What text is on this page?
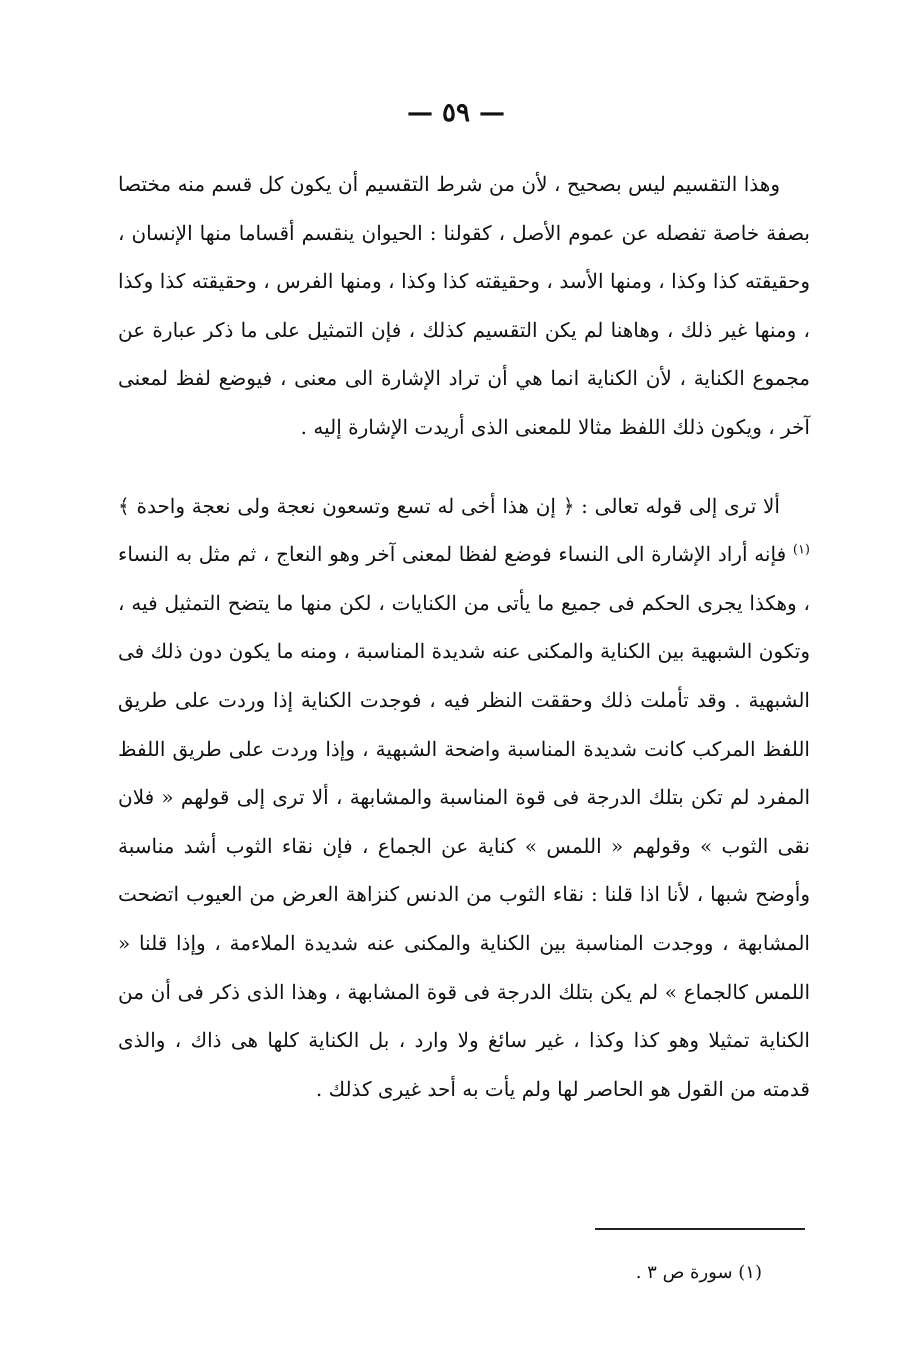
— ٥٩ —

وهذا التقسيم ليس بصحيح ، لأن من شرط التقسيم أن يكون كل قسم منه مختصا بصفة خاصة تفصله عن عموم الأصل ، كقولنا : الحيوان ينقسم أقساما منها الإنسان ، وحقيقته كذا وكذا ، ومنها الأسد ، وحقيقته كذا وكذا ، ومنها الفرس ، وحقيقته كذا وكذا ، ومنها غير ذلك ، وهاهنا لم يكن التقسيم كذلك ، فإن التمثيل على ما ذكر عبارة عن مجموع الكناية ، لأن الكناية انما هي أن تراد الإشارة الى معنى ، فيوضع لفظ لمعنى آخر ، ويكون ذلك اللفظ مثالا للمعنى الذى أريدت الإشارة إليه .

ألا ترى إلى قوله تعالى : ﴿ إن هذا أخى له تسع وتسعون نعجة ولى نعجة واحدة ﴾$^{(١)}$ فإنه أراد الإشارة الى النساء فوضع لفظا لمعنى آخر وهو النعاج ، ثم مثل به النساء ، وهكذا يجرى الحكم فى جميع ما يأتى من الكنايات ، لكن منها ما يتضح التمثيل فيه ، وتكون الشبهية بين الكناية والمكنى عنه شديدة المناسبة ، ومنه ما يكون دون ذلك فى الشبهية . وقد تأملت ذلك وحققت النظر فيه ، فوجدت الكناية إذا وردت على طريق اللفظ المركب كانت شديدة المناسبة واضحة الشبهية ، وإذا وردت على طريق اللفظ المفرد لم تكن بتلك الدرجة فى قوة المناسبة والمشابهة ، ألا ترى إلى قولهم « فلان نقى الثوب » وقولهم « اللمس » كناية عن الجماع ، فإن نقاء الثوب أشد مناسبة وأوضح شبها ، لأنا اذا قلنا : نقاء الثوب من الدنس كنزاهة العرض من العيوب اتضحت المشابهة ، ووجدت المناسبة بين الكناية والمكنى عنه شديدة الملاءمة ، وإذا قلنا « اللمس كالجماع » لم يكن بتلك الدرجة فى قوة المشابهة ، وهذا الذى ذكر فى أن من الكناية تمثيلا وهو كذا وكذا ، غير سائغ ولا وارد ، بل الكناية كلها هى ذاك ، والذى قدمته من القول هو الحاصر لها ولم يأت به أحد غيرى كذلك .

(١) سورة ص ٣ .
